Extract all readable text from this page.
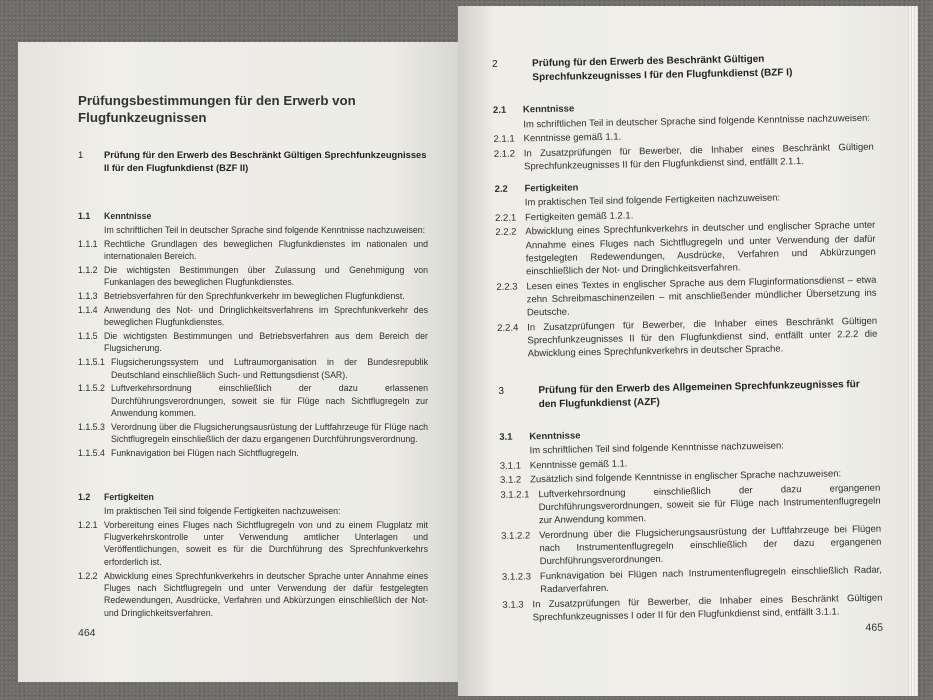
Prüfungsbestimmungen für den Erwerb von Flugfunkzeugnissen
1 Prüfung für den Erwerb des Beschränkt Gültigen Sprechfunkzeugnisses II für den Flugfunkdienst (BZF II)
1.1 Kenntnisse
Im schriftlichen Teil in deutscher Sprache sind folgende Kenntnisse nachzuweisen:
1.1.1 Rechtliche Grundlagen des beweglichen Flugfunkdienstes im nationalen und internationalen Bereich.
1.1.2 Die wichtigsten Bestimmungen über Zulassung und Genehmigung von Funkanlagen des beweglichen Flugfunkdienstes.
1.1.3 Betriebsverfahren für den Sprechfunkverkehr im beweglichen Flugfunkdienst.
1.1.4 Anwendung des Not- und Dringlichkeitsverfahrens im Sprechfunkverkehr des beweglichen Flugfunkdienstes.
1.1.5 Die wichtigsten Bestimmungen und Betriebsverfahren aus dem Bereich der Flugsicherung.
1.1.5.1 Flugsicherungssystem und Luftraumorganisation in der Bundesrepublik Deutschland einschließlich Such- und Rettungsdienst (SAR).
1.1.5.2 Luftverkehrsordnung einschließlich der dazu erlassenen Durchführungsverordnungen, soweit sie für Flüge nach Sichtflugregeln zur Anwendung kommen.
1.1.5.3 Verordnung über die Flugsicherungsausrüstung der Luftfahrzeuge für Flüge nach Sichtflugregeln einschließlich der dazu ergangenen Durchführungsverordnung.
1.1.5.4 Funknavigation bei Flügen nach Sichtflugregeln.
1.2 Fertigkeiten
Im praktischen Teil sind folgende Fertigkeiten nachzuweisen:
1.2.1 Vorbereitung eines Fluges nach Sichtflugregeln von und zu einem Flugplatz mit Flugverkehrskontrolle unter Verwendung amtlicher Unterlagen und Veröffentlichungen, soweit es für die Durchführung des Sprechfunkverkehrs erforderlich ist.
1.2.2 Abwicklung eines Sprechfunkverkehrs in deutscher Sprache unter Annahme eines Fluges nach Sichtflugregeln und unter Verwendung der dafür festgelegten Redewendungen, Ausdrücke, Verfahren und Abkürzungen einschließlich der Not- und Dringlichkeitsverfahren.
464
2	Prüfung für den Erwerb des Beschränkt Gültigen Sprechfunkzeugnisses I für den Flugfunkdienst (BZF I)
2.1 Kenntnisse
Im schriftlichen Teil in deutscher Sprache sind folgende Kenntnisse nachzuweisen:
2.1.1 Kenntnisse gemäß 1.1.
2.1.2 In Zusatzprüfungen für Bewerber, die Inhaber eines Beschränkt Gültigen Sprechfunkzeugnisses II für den Flugfunkdienst sind, entfällt 2.1.1.
2.2 Fertigkeiten
Im praktischen Teil sind folgende Fertigkeiten nachzuweisen:
2.2.1 Fertigkeiten gemäß 1.2.1.
2.2.2 Abwicklung eines Sprechfunkverkehrs in deutscher und englischer Sprache unter Annahme eines Fluges nach Sichtflugregeln und unter Verwendung der dafür festgelegten Redewendungen, Ausdrücke, Verfahren und Abkürzungen einschließlich der Not- und Dringlichkeitsverfahren.
2.2.3 Lesen eines Textes in englischer Sprache aus dem Fluginformationsdienst – etwa zehn Schreibmaschinenzeilen – mit anschließender mündlicher Übersetzung ins Deutsche.
2.2.4 In Zusatzprüfungen für Bewerber, die Inhaber eines Beschränkt Gültigen Sprechfunkzeugnisses II für den Flugfunkdienst sind, entfällt unter 2.2.2 die Abwicklung eines Sprechfunkverkehrs in deutscher Sprache.
3	Prüfung für den Erwerb des Allgemeinen Sprechfunkzeugnisses für den Flugfunkdienst (AZF)
3.1 Kenntnisse
Im schriftlichen Teil sind folgende Kenntnisse nachzuweisen:
3.1.1 Kenntnisse gemäß 1.1.
3.1.2 Zusätzlich sind folgende Kenntnisse in englischer Sprache nachzuweisen:
3.1.2.1 Luftverkehrsordnung einschließlich der dazu ergangenen Durchführungsverordnungen, soweit sie für Flüge nach Instrumentenflugregeln zur Anwendung kommen.
3.1.2.2 Verordnung über die Flugsicherungsausrüstung der Luftfahrzeuge bei Flügen nach Instrumentenflugregeln einschließlich der dazu ergangenen Durchführungsverordnungen.
3.1.2.3 Funknavigation bei Flügen nach Instrumentenflugregeln einschließlich Radar, Radarverfahren.
3.1.3 In Zusatzprüfungen für Bewerber, die Inhaber eines Beschränkt Gültigen Sprechfunkzeugnisses I oder II für den Flugfunkdienst sind, entfällt 3.1.1.
465
